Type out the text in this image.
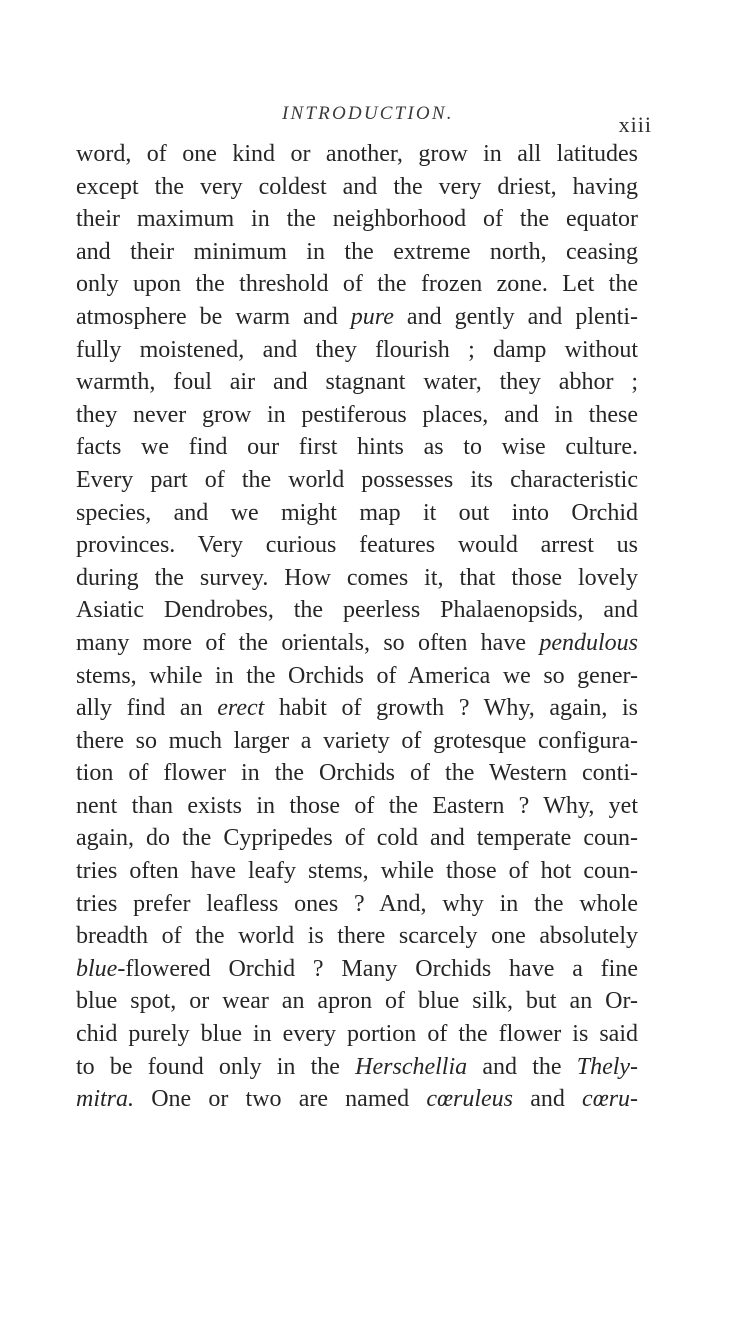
INTRODUCTION.	xiii
word, of one kind or another, grow in all latitudes
except the very coldest and the very driest, having
their maximum in the neighborhood of the equator
and their minimum in the extreme north, ceasing
only upon the threshold of the frozen zone. Let the
atmosphere be warm and pure and gently and plenti-
fully moistened, and they flourish ; damp without
warmth, foul air and stagnant water, they abhor ;
they never grow in pestiferous places, and in these
facts we find our first hints as to wise culture.
Every part of the world possesses its characteristic
species, and we might map it out into Orchid
provinces. Very curious features would arrest us
during the survey. How comes it, that those lovely
Asiatic Dendrobes, the peerless Phalaenopsids, and
many more of the orientals, so often have pendulous
stems, while in the Orchids of America we so gener-
ally find an erect habit of growth ? Why, again, is
there so much larger a variety of grotesque configura-
tion of flower in the Orchids of the Western conti-
nent than exists in those of the Eastern ? Why, yet
again, do the Cypripedes of cold and temperate coun-
tries often have leafy stems, while those of hot coun-
tries prefer leafless ones ? And, why in the whole
breadth of the world is there scarcely one absolutely
blue-flowered Orchid ? Many Orchids have a fine
blue spot, or wear an apron of blue silk, but an Or-
chid purely blue in every portion of the flower is said
to be found only in the Herschellia and the Thely-
mitra. One or two are named cœruleus and cœru-
